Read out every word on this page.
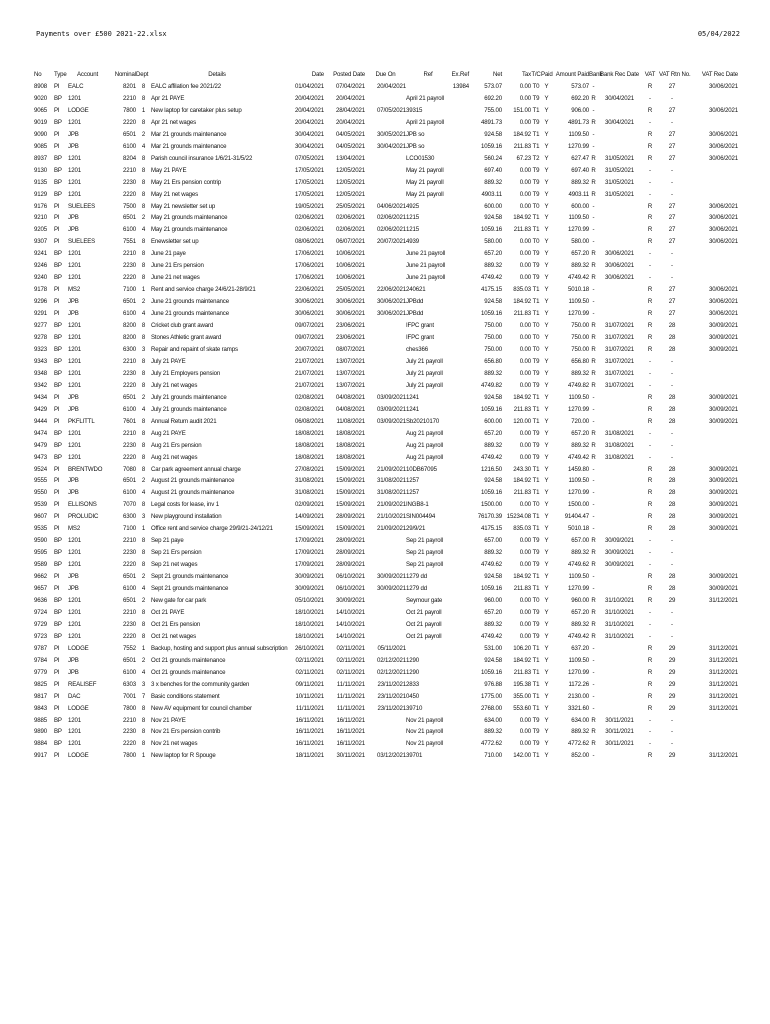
Payments over £500 2021-22.xlsx	05/04/2022
No	Type	Account	Nominal	Dept	Details	Date	Posted Date	Due On	Ref	Ex.Ref	Net	Tax	T/C	Paid	Amount Paid	Bank	Bank Rec Date	VAT	VAT Rtn No.	VAT Rec Date
8908	PI	EALC	8201	8	EALC affilation fee 2021/22	01/04/2021	07/04/2021	20/04/2021		13984	573.07	0.00	T0	Y	573.07	-		R	27	30/06/2021
9020	BP	1201	2210	8	Apr 21 PAYE	20/04/2021	20/04/2021		April 21 payroll		692.20	0.00	T9	Y	692.20	R	30/04/2021	-	-	
9065	PI	LODGE	7800	1	New laptop for caretaker plus setup	20/04/2021	28/04/2021	07/05/2021	39315		755.00	151.00	T1	Y	906.00	-		R	27	30/06/2021
9019	BP	1201	2220	8	Apr 21 net wages	20/04/2021	20/04/2021		April 21 payroll		4891.73	0.00	T9	Y	4891.73	R	30/04/2021	-	-	
9090	PI	JPB	6501	2	Mar 21 grounds maintenance	30/04/2021	04/05/2021	30/05/2021	JPB so		924.58	184.92	T1	Y	1109.50	-		R	27	30/06/2021
9085	PI	JPB	6100	4	Mar 21 grounds maintenance	30/04/2021	04/05/2021	30/04/2021	JPB so		1059.16	211.83	T1	Y	1270.99	-		R	27	30/06/2021
8937	BP	1201	8204	8	Parish council insurance 1/6/21-31/5/22	07/05/2021	13/04/2021		LCO01530		560.24	67.23	T2	Y	627.47	R	31/05/2021	R	27	30/06/2021
9130	BP	1201	2210	8	May 21 PAYE	17/05/2021	12/05/2021		May 21 payroll		697.40	0.00	T9	Y	697.40	R	31/05/2021	-	-	
9135	BP	1201	2230	8	May 21 Ers pension contrip	17/05/2021	12/05/2021		May 21 payroll		889.32	0.00	T9	Y	889.32	R	31/05/2021	-	-	
9129	BP	1201	2220	8	May 21 net wages	17/05/2021	12/05/2021		May 21 payroll		4903.11	0.00	T9	Y	4903.11	R	31/05/2021	-	-	
9176	PI	SUELEES	7500	8	May 21 newsletter set up	19/05/2021	25/05/2021	04/06/2021	4925		600.00	0.00	T0	Y	600.00	-		R	27	30/06/2021
9210	PI	JPB	6501	2	May 21 grounds maintenance	02/06/2021	02/06/2021	02/06/2021	1215		924.58	184.92	T1	Y	1109.50	-		R	27	30/06/2021
9205	PI	JPB	6100	4	May 21 grounds maintenance	02/06/2021	02/06/2021	02/06/2021	1215		1059.16	211.83	T1	Y	1270.99	-		R	27	30/06/2021
9307	PI	SUELEES	7551	8	Enewsletter set up	08/06/2021	06/07/2021	20/07/2021	4939		580.00	0.00	T0	Y	580.00	-		R	27	30/06/2021
9241	BP	1201	2210	8	June 21 paye	17/06/2021	10/06/2021		June 21 payroll		657.20	0.00	T9	Y	657.20	R	30/06/2021	-	-	
9246	BP	1201	2230	8	June 21 Ers pension	17/06/2021	10/06/2021		June 21 payroll		889.32	0.00	T9	Y	889.32	R	30/06/2021	-	-	
9240	BP	1201	2220	8	June 21 net wages	17/06/2021	10/06/2021		June 21 payroll		4749.42	0.00	T9	Y	4749.42	R	30/06/2021	-	-	
9178	PI	MS2	7100	1	Rent and service charge 24/6/21-28/9/21	22/06/2021	25/05/2021	22/06/2021	240621		4175.15	835.03	T1	Y	5010.18	-		R	27	30/06/2021
9296	PI	JPB	6501	2	June 21 grounds maintenance	30/06/2021	30/06/2021	30/06/2021	JPBdd		924.58	184.92	T1	Y	1109.50	-		R	27	30/06/2021
9291	PI	JPB	6100	4	June 21 grounds maintenance	30/06/2021	30/06/2021	30/06/2021	JPBdd		1059.16	211.83	T1	Y	1270.99	-		R	27	30/06/2021
9277	BP	1201	8200	8	Cricket club grant award	09/07/2021	23/06/2021		IFPC grant		750.00	0.00	T0	Y	750.00	R	31/07/2021	R	28	30/09/2021
9278	BP	1201	8200	8	Stones Athletic grant award	09/07/2021	23/06/2021		IFPC grant		750.00	0.00	T0	Y	750.00	R	31/07/2021	R	28	30/09/2021
9323	BP	1201	6300	3	Repair and repaint of skate ramps	20/07/2021	08/07/2021		ches366		750.00	0.00	T0	Y	750.00	R	31/07/2021	R	28	30/09/2021
9343	BP	1201	2210	8	July 21 PAYE	21/07/2021	13/07/2021		July 21 payroll		656.80	0.00	T9	Y	656.80	R	31/07/2021	-	-	
9348	BP	1201	2230	8	July 21 Employers pension	21/07/2021	13/07/2021		July 21 payroll		889.32	0.00	T9	Y	889.32	R	31/07/2021	-	-	
9342	BP	1201	2220	8	July 21 net wages	21/07/2021	13/07/2021		July 21 payroll		4749.82	0.00	T9	Y	4749.82	R	31/07/2021	-	-	
9434	PI	JPB	6501	2	July 21 grounds maintenance	02/08/2021	04/08/2021	03/09/2021	1241		924.58	184.92	T1	Y	1109.50	-		R	28	30/09/2021
9429	PI	JPB	6100	4	July 21 grounds maintenance	02/08/2021	04/08/2021	03/09/2021	1241		1059.16	211.83	T1	Y	1270.99	-		R	28	30/09/2021
9444	PI	PKFLITTL	7601	8	Annual Return audit 2021	06/08/2021	11/08/2021	03/09/2021	Sb20210170		600.00	120.00	T1	Y	720.00	-		R	28	30/09/2021
9474	BP	1201	2210	8	Aug 21 PAYE	18/08/2021	18/08/2021		Aug 21 payroll		657.20	0.00	T9	Y	657.20	R	31/08/2021	-	-	
9479	BP	1201	2230	8	Aug 21 Ers pension	18/08/2021	18/08/2021		Aug 21 payroll		889.32	0.00	T9	Y	889.32	R	31/08/2021	-	-	
9473	BP	1201	2220	8	Aug 21 net wages	18/08/2021	18/08/2021		Aug 21 payroll		4749.42	0.00	T9	Y	4749.42	R	31/08/2021	-	-	
9524	PI	BRENTWDO	7080	8	Car park agreement annual charge	27/08/2021	15/09/2021	21/09/2021	10DB67095		1216.50	243.30	T1	Y	1459.80	-		R	28	30/09/2021
9555	PI	JPB	6501	2	August 21 grounds maintenance	31/08/2021	15/09/2021	31/08/2021	1257		924.58	184.92	T1	Y	1109.50	-		R	28	30/09/2021
9550	PI	JPB	6100	4	August 21 grounds maintenance	31/08/2021	15/09/2021	31/08/2021	1257		1059.16	211.83	T1	Y	1270.99	-		R	28	30/09/2021
9539	PI	ELLISONS	7070	8	Legal costs for lease, inv 1	02/09/2021	15/09/2021	21/09/2021	INGB8-1		1500.00	0.00	T0	Y	1500.00	-		R	28	30/09/2021
9607	PI	PROLUDIC	6300	3	New playground installation	14/09/2021	28/09/2021	21/10/2021	SIN004494		76170.39	15234.08	T1	Y	91404.47	-		R	28	30/09/2021
9535	PI	MS2	7100	1	Office rent and service charge 29/9/21-24/12/21	15/09/2021	15/09/2021	21/09/2021	29/9/21		4175.15	835.03	T1	Y	5010.18	-		R	28	30/09/2021
9590	BP	1201	2210	8	Sep 21 paye	17/09/2021	28/09/2021		Sep 21 payroll		657.00	0.00	T9	Y	657.00	R	30/09/2021	-	-	
9595	BP	1201	2230	8	Sep 21 Ers pension	17/09/2021	28/09/2021		Sep 21 payroll		889.32	0.00	T9	Y	889.32	R	30/09/2021	-	-	
9589	BP	1201	2220	8	Sep 21 net wages	17/09/2021	28/09/2021		Sep 21 payroll		4749.62	0.00	T9	Y	4749.62	R	30/09/2021	-	-	
9662	PI	JPB	6501	2	Sept 21 grounds maintenance	30/09/2021	06/10/2021	30/09/2021	1279 dd		924.58	184.92	T1	Y	1109.50	-		R	28	30/09/2021
9657	PI	JPB	6100	4	Sept 21 grounds maintenance	30/09/2021	06/10/2021	30/09/2021	1279 dd		1059.16	211.83	T1	Y	1270.99	-		R	28	30/09/2021
9636	BP	1201	6501	2	New gate for car park	05/10/2021	30/09/2021		Seymour gate		960.00	0.00	T0	Y	960.00	R	31/10/2021	R	29	31/12/2021
9724	BP	1201	2210	8	Oct 21 PAYE	18/10/2021	14/10/2021		Oct 21 payroll		657.20	0.00	T9	Y	657.20	R	31/10/2021	-	-	
9729	BP	1201	2230	8	Oct 21 Ers pension	18/10/2021	14/10/2021		Oct 21 payroll		889.32	0.00	T9	Y	889.32	R	31/10/2021	-	-	
9723	BP	1201	2220	8	Oct 21 net wages	18/10/2021	14/10/2021		Oct 21 payroll		4749.42	0.00	T9	Y	4749.42	R	31/10/2021	-	-	
9787	PI	LODGE	7552	1	Backup, hosting and support plus annual subscription	26/10/2021	02/11/2021	05/11/2021			531.00	106.20	T1	Y	637.20	-		R	29	31/12/2021
9784	PI	JPB	6501	2	Oct 21 grounds maintenance	02/11/2021	02/11/2021	02/12/2021	1290		924.58	184.92	T1	Y	1109.50	-		R	29	31/12/2021
9779	PI	JPB	6100	4	Oct 21 grounds maintenance	02/11/2021	02/11/2021	02/12/2021	1290		1059.16	211.83	T1	Y	1270.99	-		R	29	31/12/2021
9825	PI	REALISEF	6303	3	3 x benches for the community garden	09/11/2021	11/11/2021	23/11/2021	2833		976.88	195.38	T1	Y	1172.26	-		R	29	31/12/2021
9817	PI	DAC	7001	7	Basic conditions statement	10/11/2021	11/11/2021	23/11/2021	0450		1775.00	355.00	T1	Y	2130.00	-		R	29	31/12/2021
9843	PI	LODGE	7800	8	New AV equipment for council chamber	11/11/2021	11/11/2021	23/11/2021	39710		2768.00	553.60	T1	Y	3321.60	-		R	29	31/12/2021
9885	BP	1201	2210	8	Nov 21 PAYE	16/11/2021	16/11/2021		Nov 21 payroll		634.00	0.00	T9	Y	634.00	R	30/11/2021	-	-	
9890	BP	1201	2230	8	Nov 21 Ers pension contrib	16/11/2021	16/11/2021		Nov 21 payroll		889.32	0.00	T9	Y	889.32	R	30/11/2021	-	-	
9884	BP	1201	2220	8	Nov 21 net wages	16/11/2021	16/11/2021		Nov 21 payroll		4772.62	0.00	T9	Y	4772.62	R	30/11/2021	-	-	
9917	PI	LODGE	7800	1	New laptop for R Spouge	18/11/2021	30/11/2021	03/12/2021	39701		710.00	142.00	T1	Y	852.00	-		R	29	31/12/2021
